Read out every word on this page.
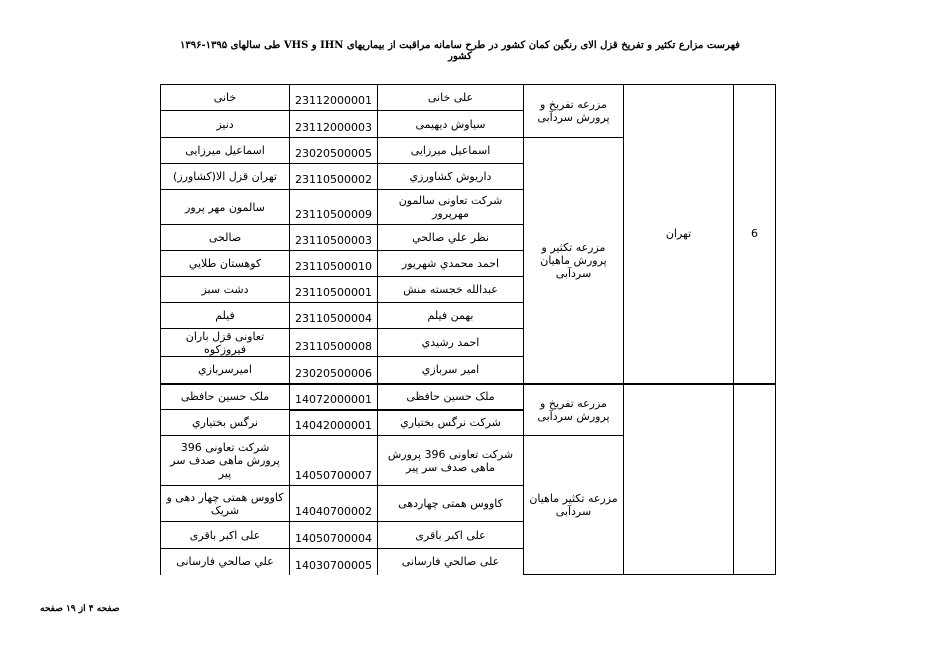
فهرست مزارع تکثیر و تفریخ قزل الای رنگین کمان کشور در طرح سامانه مراقبت از بیماریهای IHN و VHS طی سالهای ۱۳۹۵-۱۳۹۶ کشور
6	تهران	مزرعه تفريخ و پرورش سردآبی	علی خانی	23112000001	خانی
			سياوش ديهيمی	23112000003	دنيز
		مزرعه تکثير و پرورش ماهيان سردآبی	اسماعيل ميرزايی	23020500005	اسماعيل ميرزايی
			داريوش كشاورزي	23110500002	تهران قزل الا(کشاورز)
			شركت تعاونی سالمون مهرپرور	23110500009	سالمون مهر پرور
			نظر علي صالحي	23110500003	صالحی
			احمد محمدي شهريور	23110500010	كوهستان طلايي
			عبدالله خجسته منش	23110500001	دشت سبز
			بهمن فيلم	23110500004	فيلم
			احمد رشيدي	23110500008	تعاونی قزل باران فيروزكوه
			امير سربازي	23020500006	اميرسربازي
		مزرعه تفريخ و پرورش سردآبی	ملک حسين حافظی	14072000001	ملک حسين حافظی
			شركت نرگس بختياري	14042000001	نرگس بختياري
		مزرعه تکثير ماهيان سردآبی	شركت تعاونی 396 پرورش ماهی صدف سر پير	14050700007	شركت تعاونی 396 پرورش ماهی صدف سر پير
			كاووس همتی چهاردهی	14040700002	كاووس همتی چهار دهی و شريک
			علی اكبر باقری	14050700004	علی اكبر باقری
			علی صالحي فارسانی	14030700005	علي صالحي فارسانی
صفحه ۴ از ۱۹ صفحه
